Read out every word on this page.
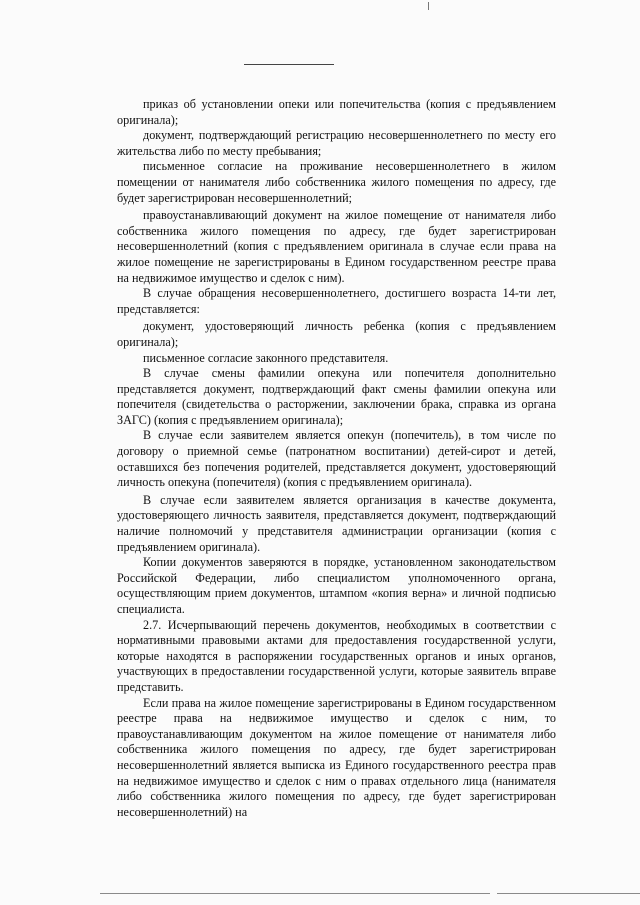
приказ об установлении опеки или попечительства (копия с предъявлением оригинала);

документ, подтверждающий регистрацию несовершеннолетнего по месту его жительства либо по месту пребывания;

письменное согласие на проживание несовершеннолетнего в жилом помещении от нанимателя либо собственника жилого помещения по адресу, где будет зарегистрирован несовершеннолетний;

правоустанавливающий документ на жилое помещение от нанимателя либо собственника жилого помещения по адресу, где будет зарегистрирован несовершеннолетний (копия с предъявлением оригинала в случае если права на жилое помещение не зарегистрированы в Едином государственном реестре права на недвижимое имущество и сделок с ним).

В случае обращения несовершеннолетнего, достигшего возраста 14-ти лет, представляется:

документ, удостоверяющий личность ребенка (копия с предъявлением оригинала);

письменное согласие законного представителя.

В случае смены фамилии опекуна или попечителя дополнительно представляется документ, подтверждающий факт смены фамилии опекуна или попечителя (свидетельства о расторжении, заключении брака, справка из органа ЗАГС) (копия с предъявлением оригинала);

В случае если заявителем является опекун (попечитель), в том числе по договору о приемной семье (патронатном воспитании) детей-сирот и детей, оставшихся без попечения родителей, представляется документ, удостоверяющий личность опекуна (попечителя) (копия с предъявлением оригинала).

В случае если заявителем является организация в качестве документа, удостоверяющего личность заявителя, представляется документ, подтверждающий наличие полномочий у представителя администрации организации (копия с предъявлением оригинала).

Копии документов заверяются в порядке, установленном законодательством Российской Федерации, либо специалистом уполномоченного органа, осуществляющим прием документов, штампом «копия верна» и личной подписью специалиста.

2.7. Исчерпывающий перечень документов, необходимых в соответствии с нормативными правовыми актами для предоставления государственной услуги, которые находятся в распоряжении государственных органов и иных органов, участвующих в предоставлении государственной услуги, которые заявитель вправе представить.

Если права на жилое помещение зарегистрированы в Едином государственном реестре права на недвижимое имущество и сделок с ним, то правоустанавливающим документом на жилое помещение от нанимателя либо собственника жилого помещения по адресу, где будет зарегистрирован несовершеннолетний является выписка из Единого государственного реестра прав на недвижимое имущество и сделок с ним о правах отдельного лица (нанимателя либо собственника жилого помещения по адресу, где будет зарегистрирован несовершеннолетний) на
